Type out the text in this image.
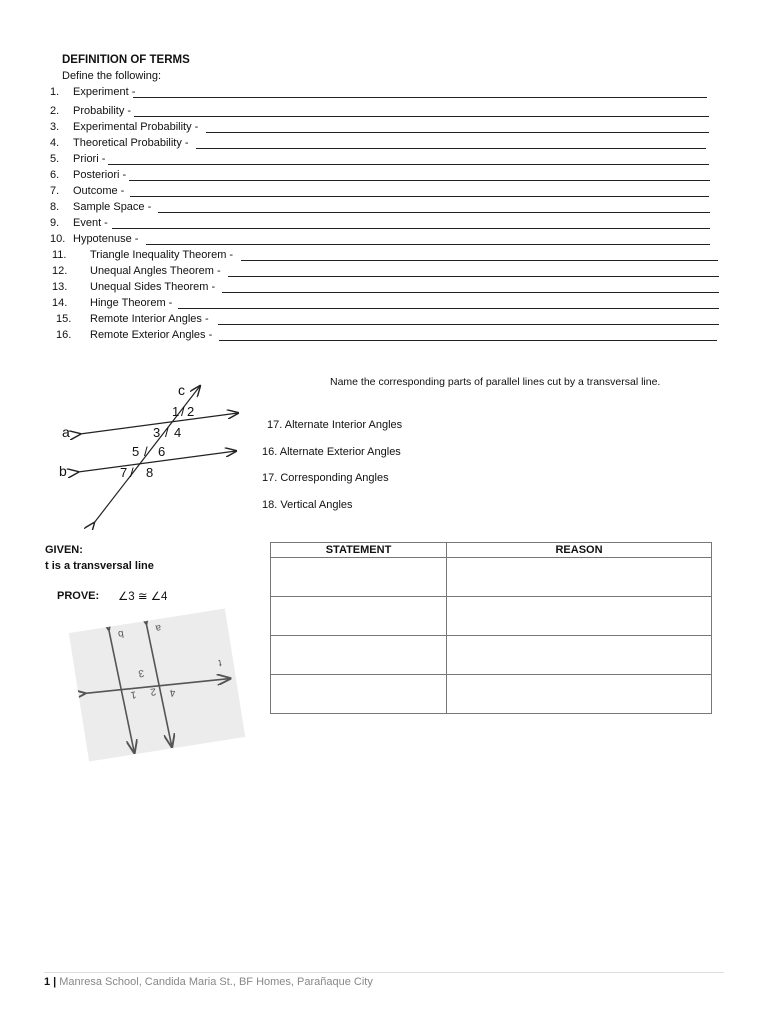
DEFINITION OF TERMS
Define the following:
1. Experiment -
2. Probability -
3. Experimental Probability -
4. Theoretical Probability -
5. Priori -
6. Posteriori -
7. Outcome -
8. Sample Space -
9. Event -
10. Hypotenuse -
11. Triangle Inequality Theorem -
12. Unequal Angles Theorem -
13. Unequal Sides Theorem -
14. Hinge Theorem -
15. Remote Interior Angles -
16. Remote Exterior Angles -
c
a
b
1 / 2
3 / 4
5 / 6
7 / 8
Name the corresponding parts of parallel lines cut by a transversal line.
17. Alternate Interior Angles
16. Alternate Exterior Angles
17. Corresponding Angles
18. Vertical Angles
GIVEN:
t is a transversal line
PROVE: ∠3 ≅ ∠4
b
a
t
3
1 2 4
STATEMENT	REASON

1 | Manresa School, Candida Maria St., BF Homes, Parañaque City
